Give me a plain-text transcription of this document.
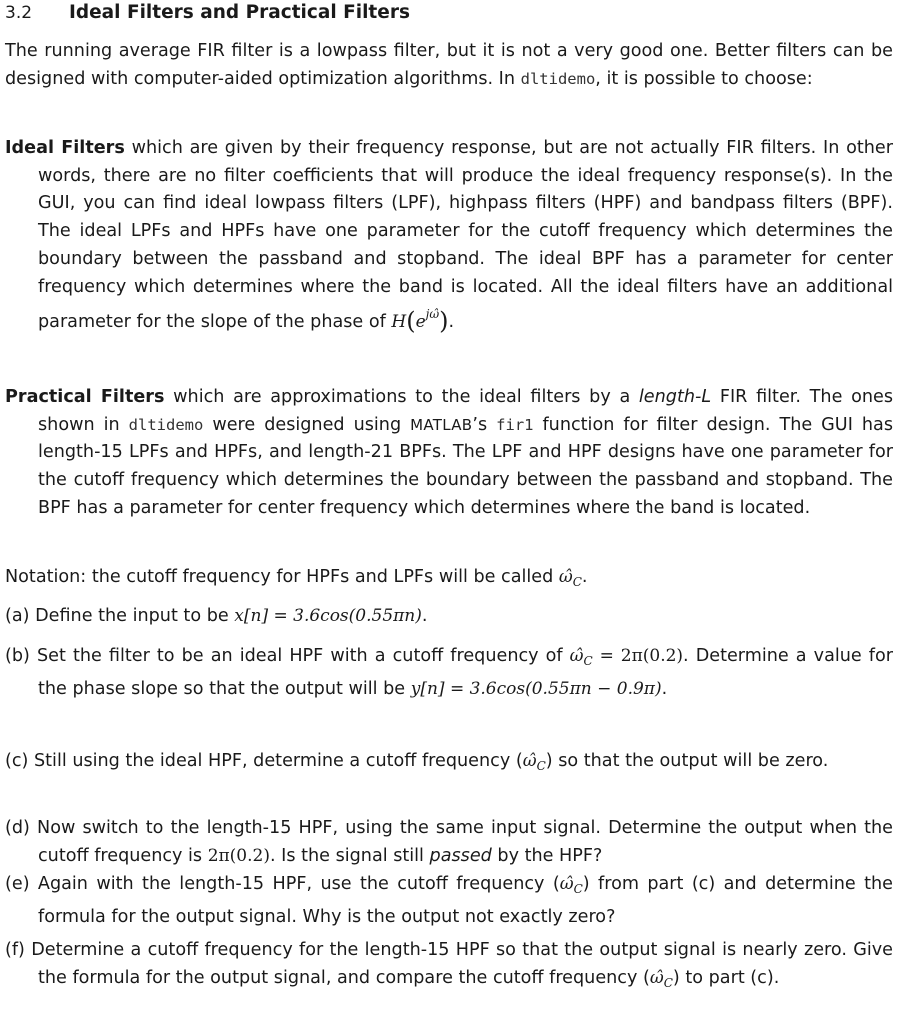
3.2 Ideal Filters and Practical Filters
The running average FIR filter is a lowpass filter, but it is not a very good one. Better filters can be designed with computer-aided optimization algorithms. In dltidemo, it is possible to choose:
Ideal Filters which are given by their frequency response, but are not actually FIR filters. In other words, there are no filter coefficients that will produce the ideal frequency response(s). In the GUI, you can find ideal lowpass filters (LPF), highpass filters (HPF) and bandpass filters (BPF). The ideal LPFs and HPFs have one parameter for the cutoff frequency which determines the boundary between the passband and stopband. The ideal BPF has a parameter for center frequency which determines where the band is located. All the ideal filters have an additional parameter for the slope of the phase of $H(e^{j\omegâ})$.
Practical Filters which are approximations to the ideal filters by a length-L FIR filter. The ones shown in dltidemo were designed using MATLAB’s fir1 function for filter design. The GUI has length-15 LPFs and HPFs, and length-21 BPFs. The LPF and HPF designs have one parameter for the cutoff frequency which determines the boundary between the passband and stopband. The BPF has a parameter for center frequency which determines where the band is located.
Notation: the cutoff frequency for HPFs and LPFs will be called $\omegâ_C$.
(a) Define the input to be x[n] = 3.6cos(0.55πn).
(b) Set the filter to be an ideal HPF with a cutoff frequency of $\omegâ_C = 2\pi(0.2)$. Determine a value for the phase slope so that the output will be y[n] = 3.6cos(0.55πn − 0.9π).
(c) Still using the ideal HPF, determine a cutoff frequency $(\omegâ_C)$ so that the output will be zero.
(d) Now switch to the length-15 HPF, using the same input signal. Determine the output when the cutoff frequency is 2π(0.2). Is the signal still passed by the HPF?
(e) Again with the length-15 HPF, use the cutoff frequency $(\omegâ_C)$ from part (c) and determine the formula for the output signal. Why is the output not exactly zero?
(f) Determine a cutoff frequency for the length-15 HPF so that the output signal is nearly zero. Give the formula for the output signal, and compare the cutoff frequency $(\omegâ_C)$ to part (c).
